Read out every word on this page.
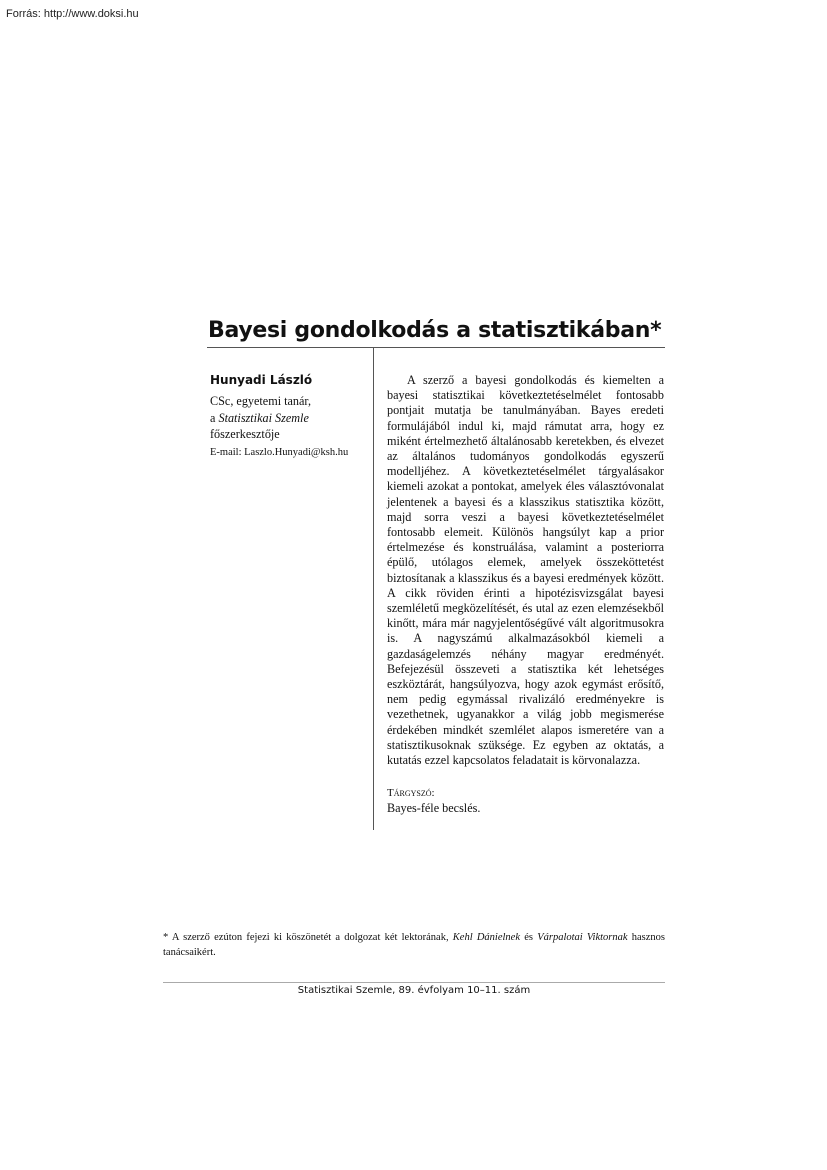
Forrás: http://www.doksi.hu
Bayesi gondolkodás a statisztikában*
Hunyadi László
CSc, egyetemi tanár,
a Statisztikai Szemle
főszerkesztője
E-mail: Laszlo.Hunyadi@ksh.hu

A szerző a bayesi gondolkodás és kiemelten a bayesi statisztikai következtetéselmélet fontosabb pontjait mutatja be tanulmányában. Bayes eredeti formulájából indul ki, majd rámutat arra, hogy ez miként értelmezhető általánosabb keretekben, és elvezet az általános tudományos gondolkodás egyszerű modelljéhez. A következtetéselmélet tárgyalásakor kiemeli azokat a pontokat, amelyek éles választóvonalat jelentenek a bayesi és a klasszikus statisztika között, majd sorra veszi a bayesi következtetéselmélet fontosabb elemeit. Különös hangsúlyt kap a prior értelmezése és konstruálása, valamint a posteriorra épülő, utólagos elemek, amelyek összeköttetést biztosítanak a klasszikus és a bayesi eredmények között. A cikk röviden érinti a hipotézisvizsgálat bayesi szemléletű megközelítését, és utal az ezen elemzésekből kinőtt, mára már nagyjelentőségűvé vált algoritmusokra is. A nagyszámú alkalmazásokból kiemeli a gazdaságelemzés néhány magyar eredményét. Befejezésül összeveti a statisztika két lehetséges eszköztárát, hangsúlyozva, hogy azok egymást erősítő, nem pedig egymással rivalizáló eredményekre is vezethetnek, ugyanakkor a világ jobb megismerése érdekében mindkét szemlélet alapos ismeretére van a statisztikusoknak szüksége. Ez egyben az oktatás, a kutatás ezzel kapcsolatos feladatait is körvonalazza.

Tárgyszó:
Bayes-féle becslés.
* A szerző ezúton fejezi ki köszönetét a dolgozat két lektorának, Kehl Dánielnek és Várpalotai Viktornak hasznos tanácsaikért.
Statisztikai Szemle, 89. évfolyam 10–11. szám
